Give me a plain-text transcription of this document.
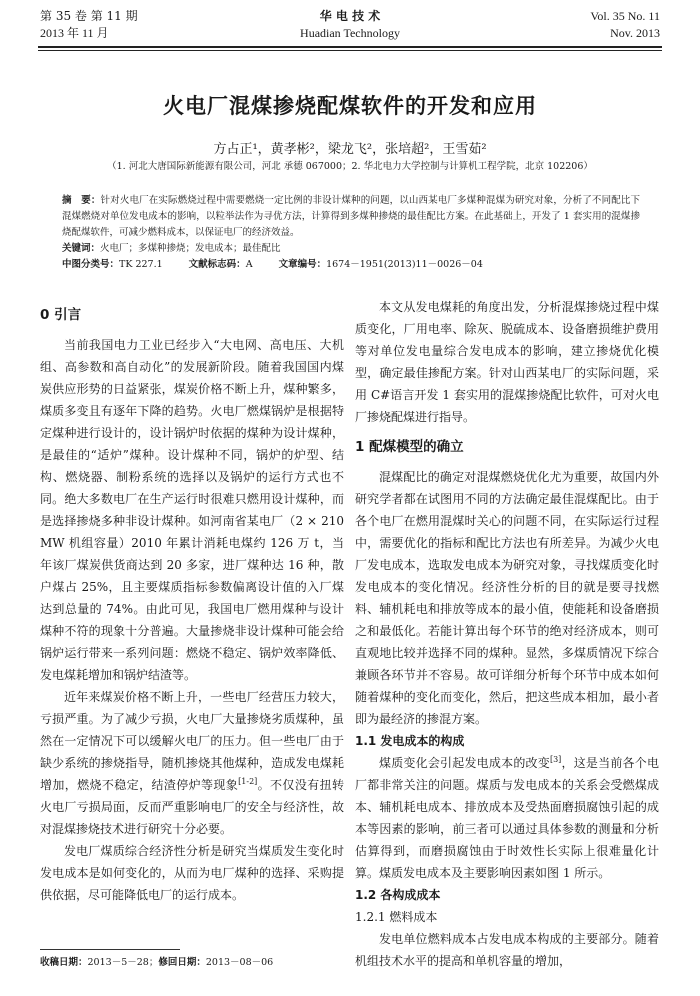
第 35 卷 第 11 期
2013 年 11 月
华 电 技 术
Huadian Technology
Vol. 35 No. 11
Nov. 2013
火电厂混煤掺烧配煤软件的开发和应用
方占正¹，黄孝彬²，梁龙飞²，张培超²，王雪茹²
（1. 河北大唐国际新能源有限公司，河北 承德 067000；2. 华北电力大学控制与计算机工程学院，北京 102206）

摘　要：针对火电厂在实际燃烧过程中需要燃烧一定比例的非设计煤种的问题，以山西某电厂多煤种混煤为研究对象，分析了不同配比下混煤燃烧对单位发电成本的影响，以粒举法作为寻优方法，计算得到多煤种掺烧的最佳配比方案。在此基础上，开发了 1 套实用的混煤掺烧配煤软件，可减少燃料成本，以保证电厂的经济效益。

关键词：火电厂；多煤种掺烧；发电成本；最佳配比

中图分类号：TK 227.1	文献标志码：A	文章编号：1674－1951(2013)11－0026－04
0 引言

当前我国电力工业已经步入“大电网、高电压、大机组、高参数和高自动化”的发展新阶段。随着我国国内煤炭供应形势的日益紧张，煤炭价格不断上升，煤种繁多，煤质多变且有逐年下降的趋势。火电厂燃煤锅炉是根据特定煤种进行设计的，设计锅炉时依据的煤种为设计煤种，是最佳的“适炉”煤种。设计煤种不同，锅炉的炉型、结构、燃烧器、制粉系统的选择以及锅炉的运行方式也不同。绝大多数电厂在生产运行时很难只燃用设计煤种，而是选择掺烧多种非设计煤种。如河南省某电厂（2 × 210 MW 机组容量）2010 年累计消耗电煤约 126 万 t，当年该厂煤炭供货商达到 20 多家，进厂煤种达 16 种，散户煤占 25%，且主要煤质指标参数偏离设计值的入厂煤达到总量的 74%。由此可见，我国电厂燃用煤种与设计煤种不符的现象十分普遍。大量掺烧非设计煤种可能会给锅炉运行带来一系列问题：燃烧不稳定、锅炉效率降低、发电煤耗增加和锅炉结渣等。

近年来煤炭价格不断上升，一些电厂经营压力较大，亏损严重。为了减少亏损，火电厂大量掺烧劣质煤种，虽然在一定情况下可以缓解火电厂的压力。但一些电厂由于缺少系统的掺烧指导，随机掺烧其他煤种，造成发电煤耗增加，燃烧不稳定，结渣停炉等现象[1-2]。不仅没有扭转火电厂亏损局面，反而严重影响电厂的安全与经济性，故对混煤掺烧技术进行研究十分必要。

发电厂煤质综合经济性分析是研究当煤质发生变化时发电成本是如何变化的，从而为电厂煤种的选择、采购提供依据，尽可能降低电厂的运行成本。

本文从发电煤耗的角度出发，分析混煤掺烧过程中煤质变化，厂用电率、除灰、脱硫成本、设备磨损维护费用等对单位发电量综合发电成本的影响，建立掺烧优化模型，确定最佳掺配方案。针对山西某电厂的实际问题，采用 C#语言开发 1 套实用的混煤掺烧配比软件，可对火电厂掺烧配煤进行指导。

1 配煤模型的确立

混煤配比的确定对混煤燃烧优化尤为重要，故国内外研究学者都在试图用不同的方法确定最佳混煤配比。由于各个电厂在燃用混煤时关心的问题不同，在实际运行过程中，需要优化的指标和配比方法也有所差异。为减少火电厂发电成本，选取发电成本为研究对象，寻找煤质变化时发电成本的变化情况。经济性分析的目的就是要寻找燃料、辅机耗电和排放等成本的最小值，使能耗和设备磨损之和最低化。若能计算出每个环节的绝对经济成本，则可直观地比较并选择不同的煤种。显然，多煤质情况下综合兼顾各环节并不容易。故可详细分析每个环节中成本如何随着煤种的变化而变化，然后，把这些成本相加，最小者即为最经济的掺混方案。

1.1 发电成本的构成

煤质变化会引起发电成本的改变[3]，这是当前各个电厂都非常关注的问题。煤质与发电成本的关系会受燃煤成本、辅机耗电成本、排放成本及受热面磨损腐蚀引起的成本等因素的影响，前三者可以通过具体参数的测量和分析估算得到，而磨损腐蚀由于时效性长实际上很难量化计算。煤质发电成本及主要影响因素如图 1 所示。

1.2 各构成成本
1.2.1 燃料成本

发电单位燃料成本占发电成本构成的主要部分。随着机组技术水平的提高和单机容量的增加，

收稿日期：2013－5－28；修回日期：2013－08－06
